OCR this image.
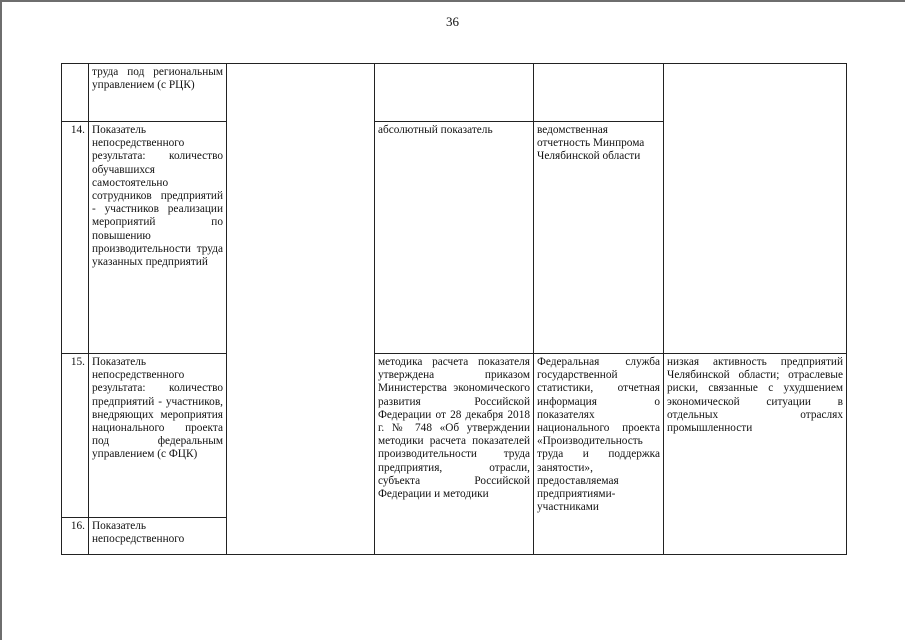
36

	труда под региональным управлением (с РЦК)				

14.	Показатель непосредственного результата: количество обучавшихся самостоятельно сотрудников предприятий - участников реализации мероприятий по повышению производительности труда указанных предприятий		абсолютный показатель	ведомственная отчетность Минпрома Челябинской области	
15.	Показатель непосредственного результата: количество предприятий - участников, внедряющих мероприятия национального проекта под федеральным управлением (с ФЦК)		методика расчета показателя утверждена приказом Министерства экономического развития Российской Федерации от 28 декабря 2018 г. № 748 «Об утверждении методики расчета показателей производительности труда предприятия, отрасли, субъекта Российской Федерации и методики	Федеральная служба государственной статистики, отчетная информация о показателях национального проекта «Производительность труда и поддержка занятости», предоставляемая предприятиями-участниками	низкая активность предприятий Челябинской области; отраслевые риски, связанные с ухудшением экономической ситуации в отдельных отраслях промышленности
16.	Показатель непосредственного				
